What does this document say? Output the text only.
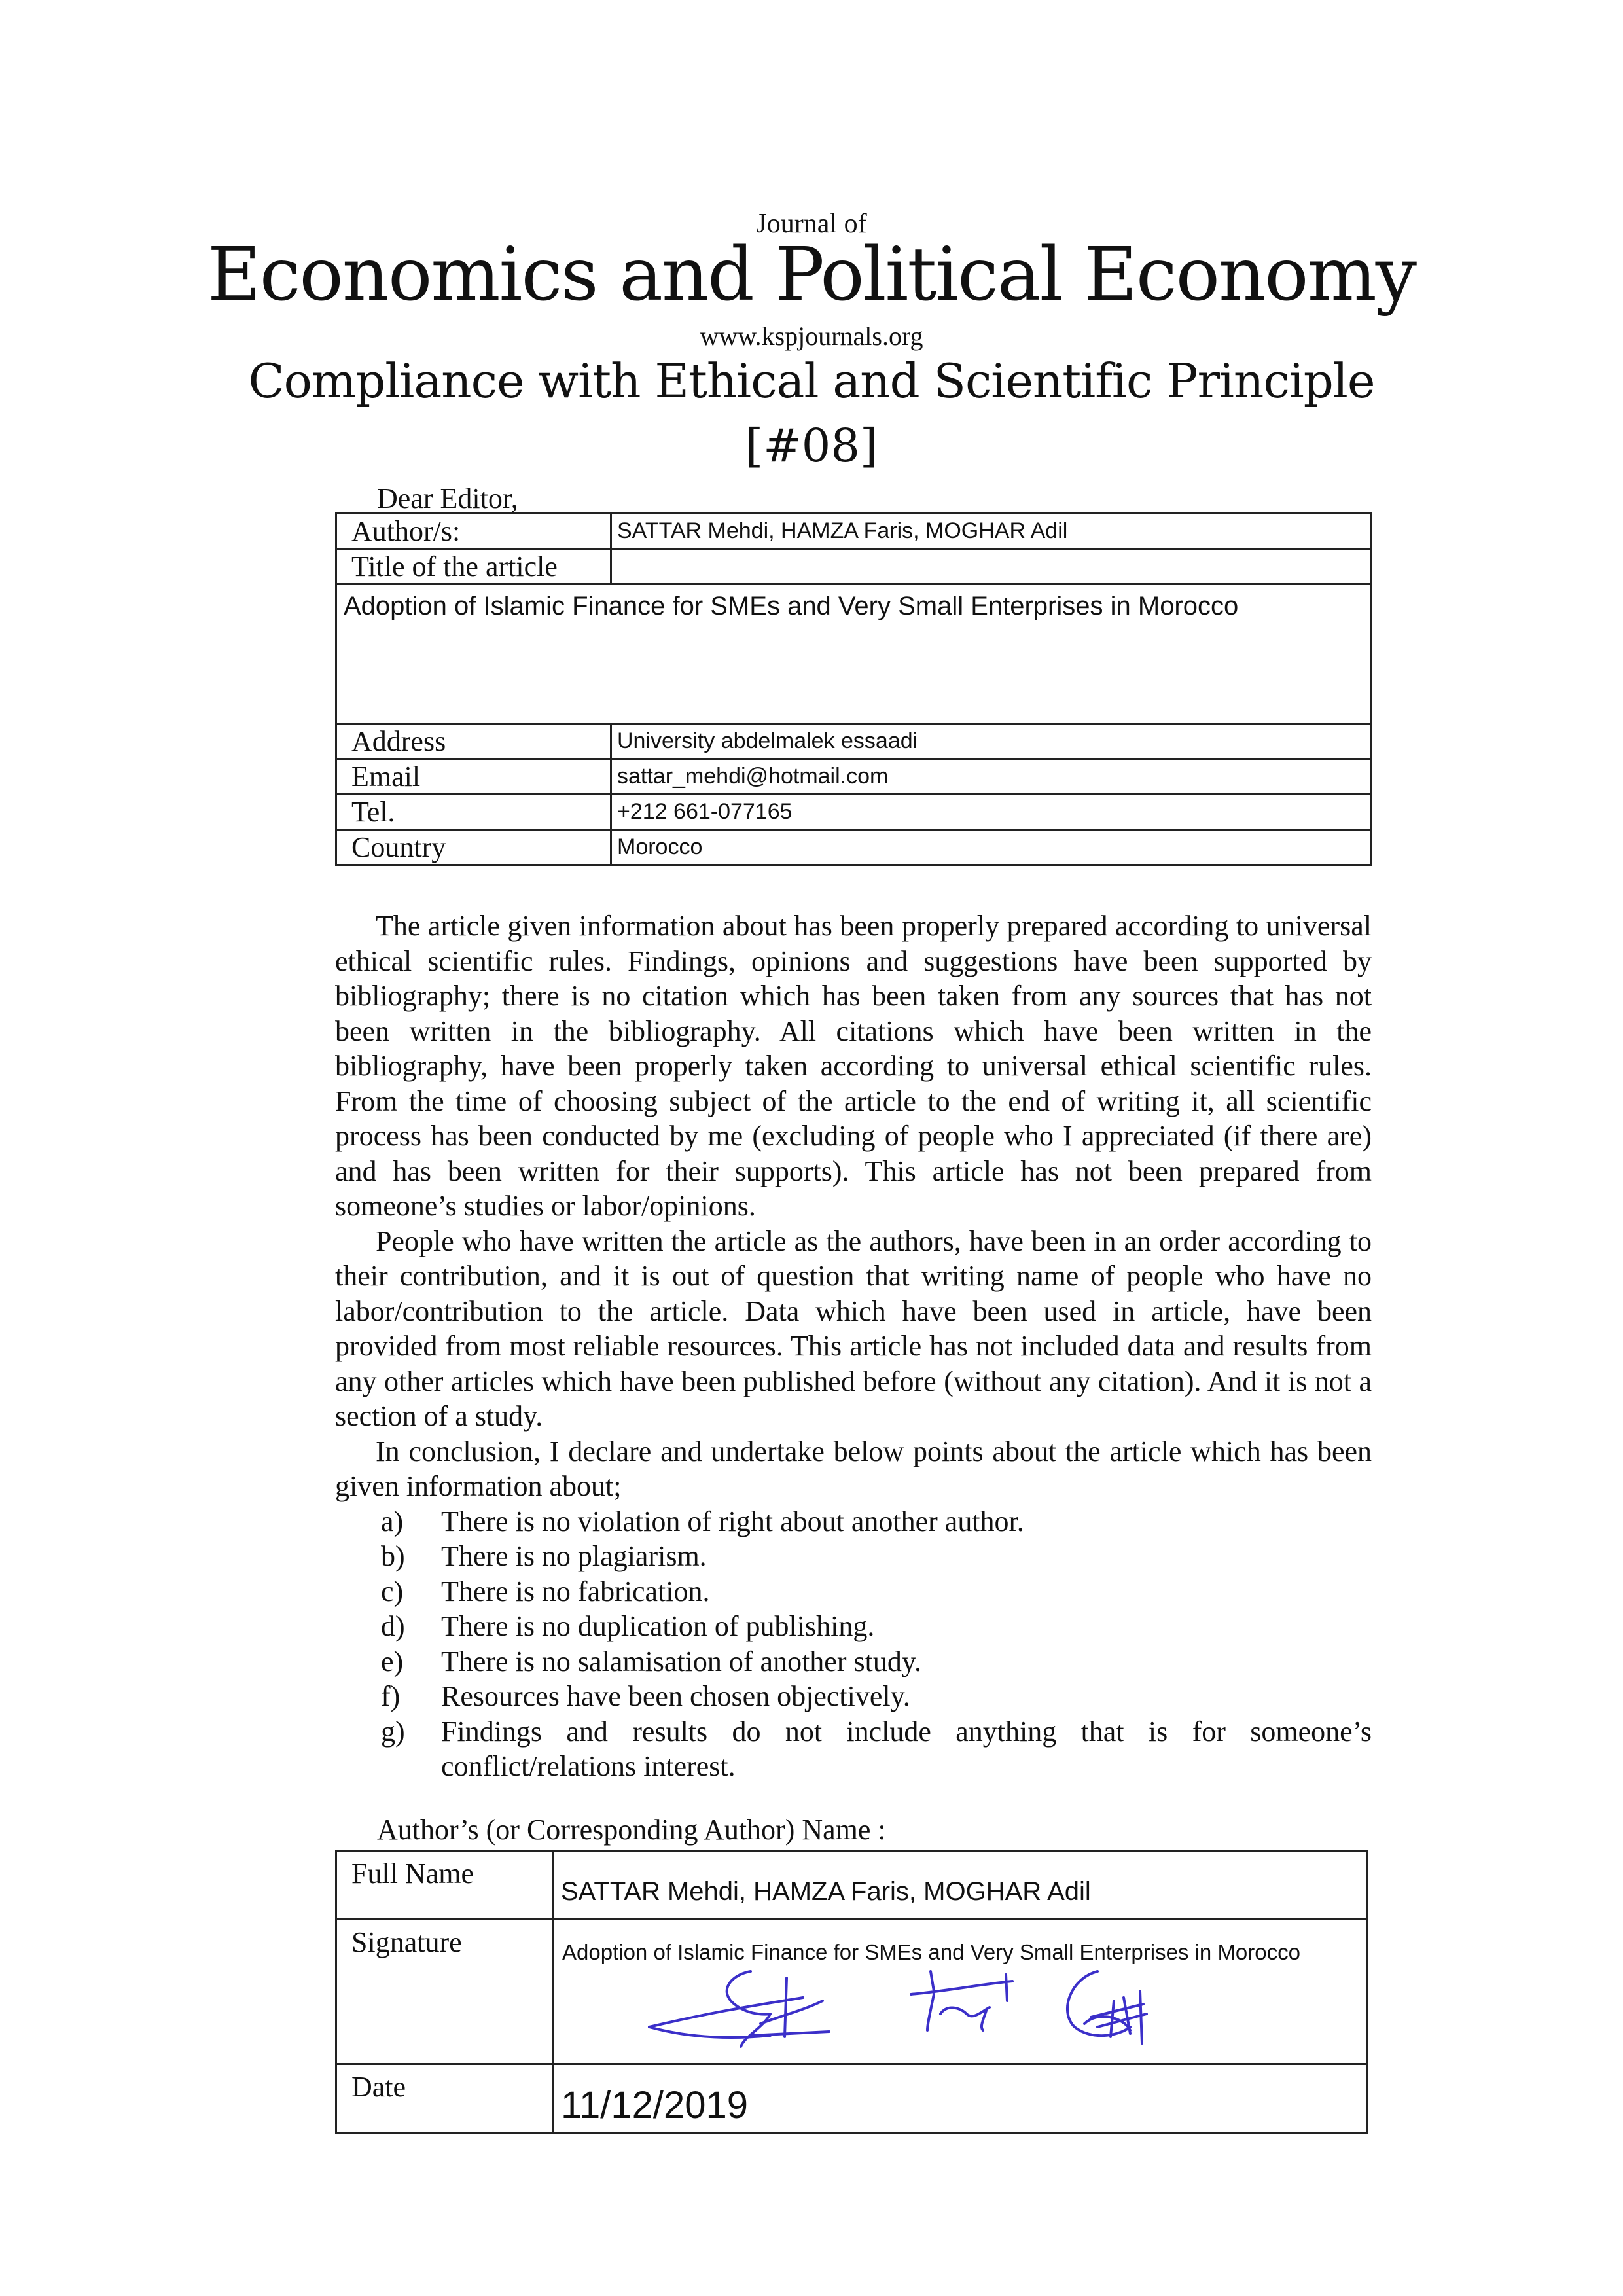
Journal of
Economics and Political Economy
www.kspjournals.org
Compliance with Ethical and Scientific Principle
[#08]
Dear Editor,
Author/s:	SATTAR Mehdi, HAMZA Faris, MOGHAR Adil
Title of the article	
Adoption of Islamic Finance for SMEs and Very Small Enterprises in Morocco	
Address	University abdelmalek essaadi
Email	sattar_mehdi@hotmail.com
Tel.	+212 661-077165
Country	Morocco

The article given information about has been properly prepared according to universal ethical scientific rules. Findings, opinions and suggestions have been supported by bibliography; there is no citation which has been taken from any sources that has not been written in the bibliography. All citations which have been written in the bibliography, have been properly taken according to universal ethical scientific rules. From the time of choosing subject of the article to the end of writing it, all scientific process has been conducted by me (excluding of people who I appreciated (if there are) and has been written for their supports). This article has not been prepared from someone’s studies or labor/opinions.

People who have written the article as the authors, have been in an order according to their contribution, and it is out of question that writing name of people who have no labor/contribution to the article. Data which have been used in article, have been provided from most reliable resources. This article has not included data and results from any other articles which have been published before (without any citation). And it is not a section of a study.

In conclusion, I declare and undertake below points about the article which has been given information about;

a)	There is no violation of right about another author.
b)	There is no plagiarism.
c)	There is no fabrication.
d)	There is no duplication of publishing.
e)	There is no salamisation of another study.
f)	Resources have been chosen objectively.
g)	Findings and results do not include anything that is for someone’s conflict/relations interest.
Author’s (or Corresponding Author) Name :
Full Name	SATTAR Mehdi, HAMZA Faris, MOGHAR Adil
Signature	Adoption of Islamic Finance for SMEs and Very Small Enterprises in Morocco

Date	11/12/2019
